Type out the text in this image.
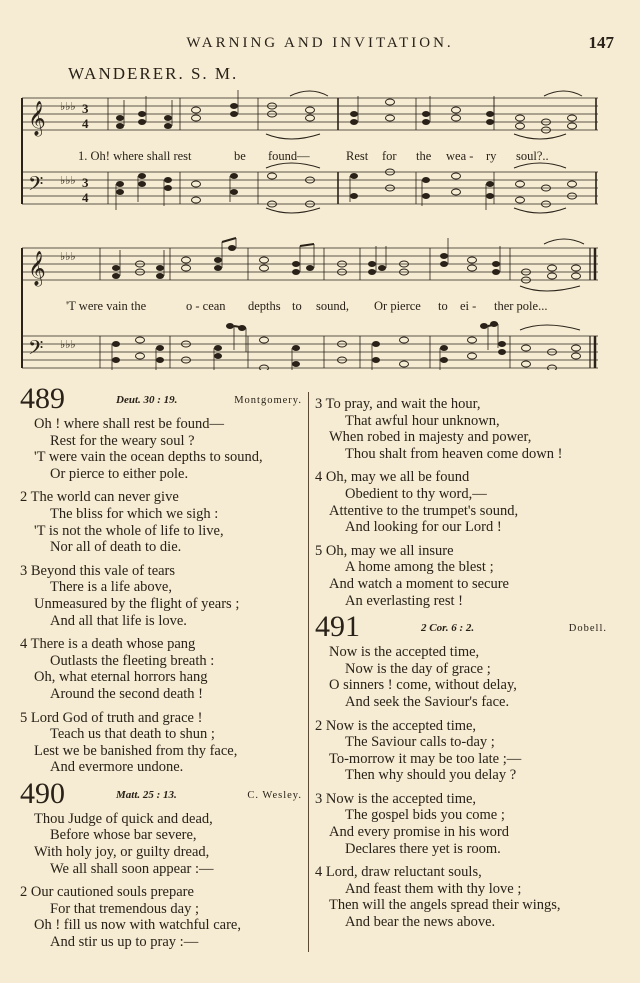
WARNING AND INVITATION.	147
WANDERER. S. M.
𝄞
𝄢
♭♭♭
♭♭♭
3
4
3
4
1. Oh! where shall rest	be found—	Rest for the wea - ry soul?..
𝄞
𝄢
♭♭♭
♭♭♭
'T were vain the	o - cean depths to sound, Or pierce to ei - ther pole...
489	Deut. 30 : 19.	Montgomery.
Oh ! where shall rest be found—
Rest for the weary soul ?
'T were vain the ocean depths to sound,
Or pierce to either pole.
2 The world can never give
The bliss for which we sigh :
'T is not the whole of life to live,
Nor all of death to die.
3 Beyond this vale of tears
There is a life above,
Unmeasured by the flight of years ;
And all that life is love.
4 There is a death whose pang
Outlasts the fleeting breath :
Oh, what eternal horrors hang
Around the second death !
5 Lord God of truth and grace !
Teach us that death to shun ;
Lest we be banished from thy face,
And evermore undone.
490	Matt. 25 : 13.	C. Wesley.
Thou Judge of quick and dead,
Before whose bar severe,
With holy joy, or guilty dread,
We all shall soon appear :—
2 Our cautioned souls prepare
For that tremendous day ;
Oh ! fill us now with watchful care,
And stir us up to pray :—
3 To pray, and wait the hour,
That awful hour unknown,
When robed in majesty and power,
Thou shalt from heaven come down !
4 Oh, may we all be found
Obedient to thy word,—
Attentive to the trumpet's sound,
And looking for our Lord !
5 Oh, may we all insure
A home among the blest ;
And watch a moment to secure
An everlasting rest !
491	2 Cor. 6 : 2.	Dobell.
Now is the accepted time,
Now is the day of grace ;
O sinners ! come, without delay,
And seek the Saviour's face.
2 Now is the accepted time,
The Saviour calls to-day ;
To-morrow it may be too late ;—
Then why should you delay ?
3 Now is the accepted time,
The gospel bids you come ;
And every promise in his word
Declares there yet is room.
4 Lord, draw reluctant souls,
And feast them with thy love ;
Then will the angels spread their wings,
And bear the news above.
